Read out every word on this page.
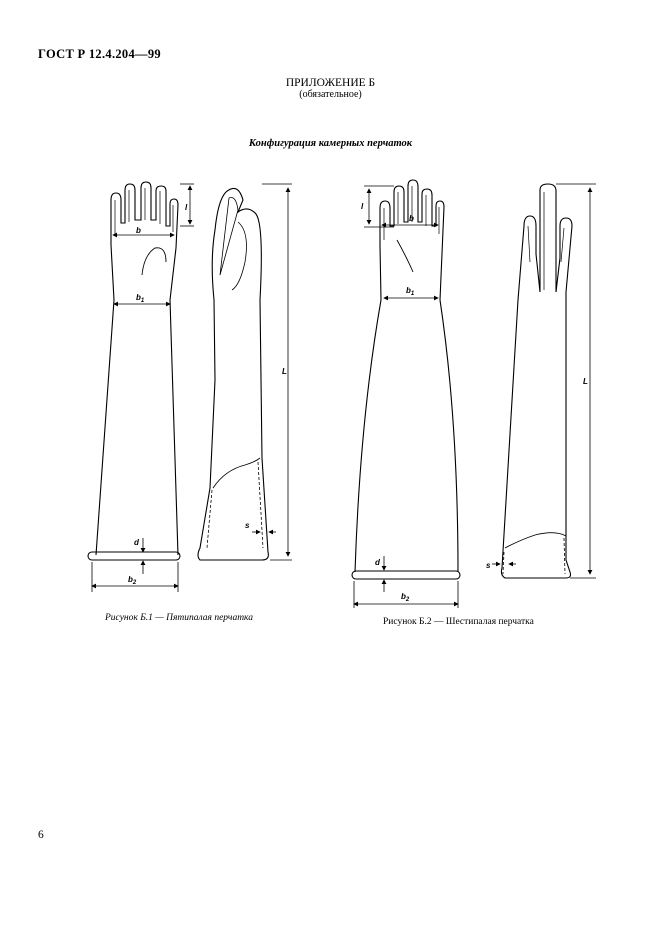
ГОСТ Р 12.4.204—99
ПРИЛОЖЕНИЕ Б
(обязательное)
Конфигурация камерных перчаток
b
$b_1$
$b_2$
l
d
L
s
b
$b_1$
$b_2$
l
d
L
s
Рисунок Б.1 — Пятипалая перчатка	Рисунок Б.2 — Шестипалая перчатка
6
